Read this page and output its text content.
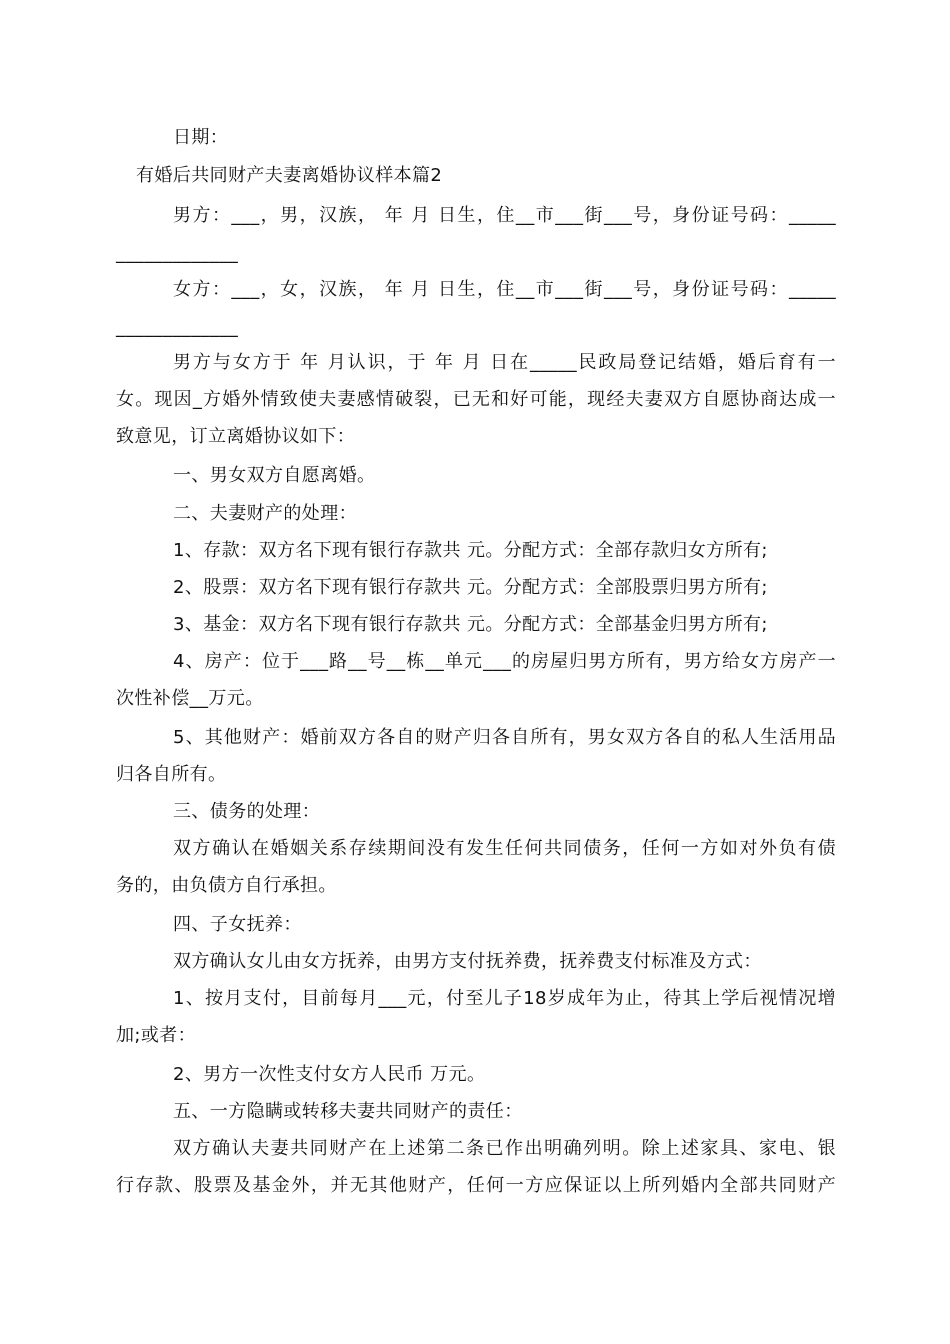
日期：
有婚后共同财产夫妻离婚协议样本篇2
男方：___，男，汉族， 年 月 日生，住__市___街___号，身份证号码：_____
_____________
女方：___，女，汉族， 年 月 日生，住__市___街___号，身份证号码：_____
_____________
男方与女方于 年 月认识，于 年 月 日在_____民政局登记结婚，婚后育有一
女。现因_方婚外情致使夫妻感情破裂，已无和好可能，现经夫妻双方自愿协商达成一
致意见，订立离婚协议如下：
一、男女双方自愿离婚。
二、夫妻财产的处理：
1、存款：双方名下现有银行存款共 元。分配方式：全部存款归女方所有;
2、股票：双方名下现有银行存款共 元。分配方式：全部股票归男方所有;
3、基金：双方名下现有银行存款共 元。分配方式：全部基金归男方所有;
4、房产：位于___路__号__栋__单元___的房屋归男方所有，男方给女方房产一
次性补偿__万元。
5、其他财产：婚前双方各自的财产归各自所有，男女双方各自的私人生活用品
归各自所有。
三、债务的处理：
双方确认在婚姻关系存续期间没有发生任何共同债务，任何一方如对外负有债
务的，由负债方自行承担。
四、子女抚养：
双方确认女儿由女方抚养，由男方支付抚养费，抚养费支付标准及方式：
1、按月支付，目前每月___元，付至儿子18岁成年为止，待其上学后视情况增
加;或者：
2、男方一次性支付女方人民币 万元。
五、一方隐瞒或转移夫妻共同财产的责任：
双方确认夫妻共同财产在上述第二条已作出明确列明。除上述家具、家电、银
行存款、股票及基金外，并无其他财产，任何一方应保证以上所列婚内全部共同财产
